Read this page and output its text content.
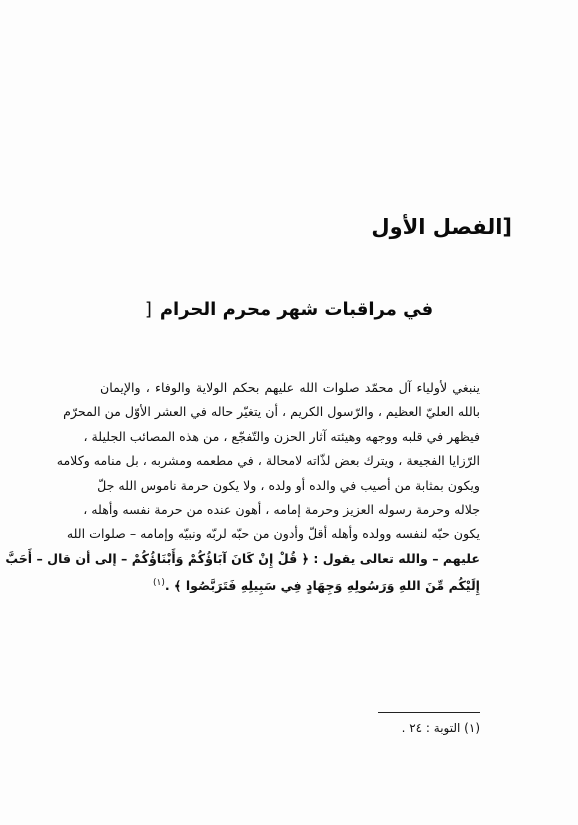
[الفصل الأول
في مراقبات شهر محرم الحرام[
ينبغي لأولياء آل محمّد صلوات الله عليهم بحكم الولاية والوفاء ، والإيمان
بالله العليّ العظيم ، والرّسول الكريم ، أن يتغيّر حاله في العشر الأوّل من المحرّم
فيظهر في قلبه ووجهه وهيئته آثار الحزن والتّفجّع ، من هذه المصائب الجليلة ،
الرّزايا الفجيعة ، ويترك بعض لذّاته لامحالة ، في مطعمه ومشربه ، بل منامه وكلامه
ويكون بمثابة من أصيب في والده أو ولده ، ولا يكون حرمة ناموس الله جلّ
جلاله وحرمة رسوله العزيز وحرمة إمامه ، أهون عنده من حرمة نفسه وأهله ،
يكون حبّه لنفسه وولده وأهله أقلّ وأدون من حبّه لربّه ونبيّه وإمامه – صلوات الله
عليهم – والله تعالى يقول : ﴿ قُلْ إِنْ كَانَ آبَاؤُكُمْ وَأَبْنَاؤُكُمْ – إلى أن قال – أَحَبَّ
إِلَيْكُم مِّنَ اللهِ وَرَسُولِهِ وَجِهَادٍ فِي سَبِيلِهِ فَتَرَبَّصُوا ﴾ .$^{(١)}$

(١) التوبة : ٢٤ .
